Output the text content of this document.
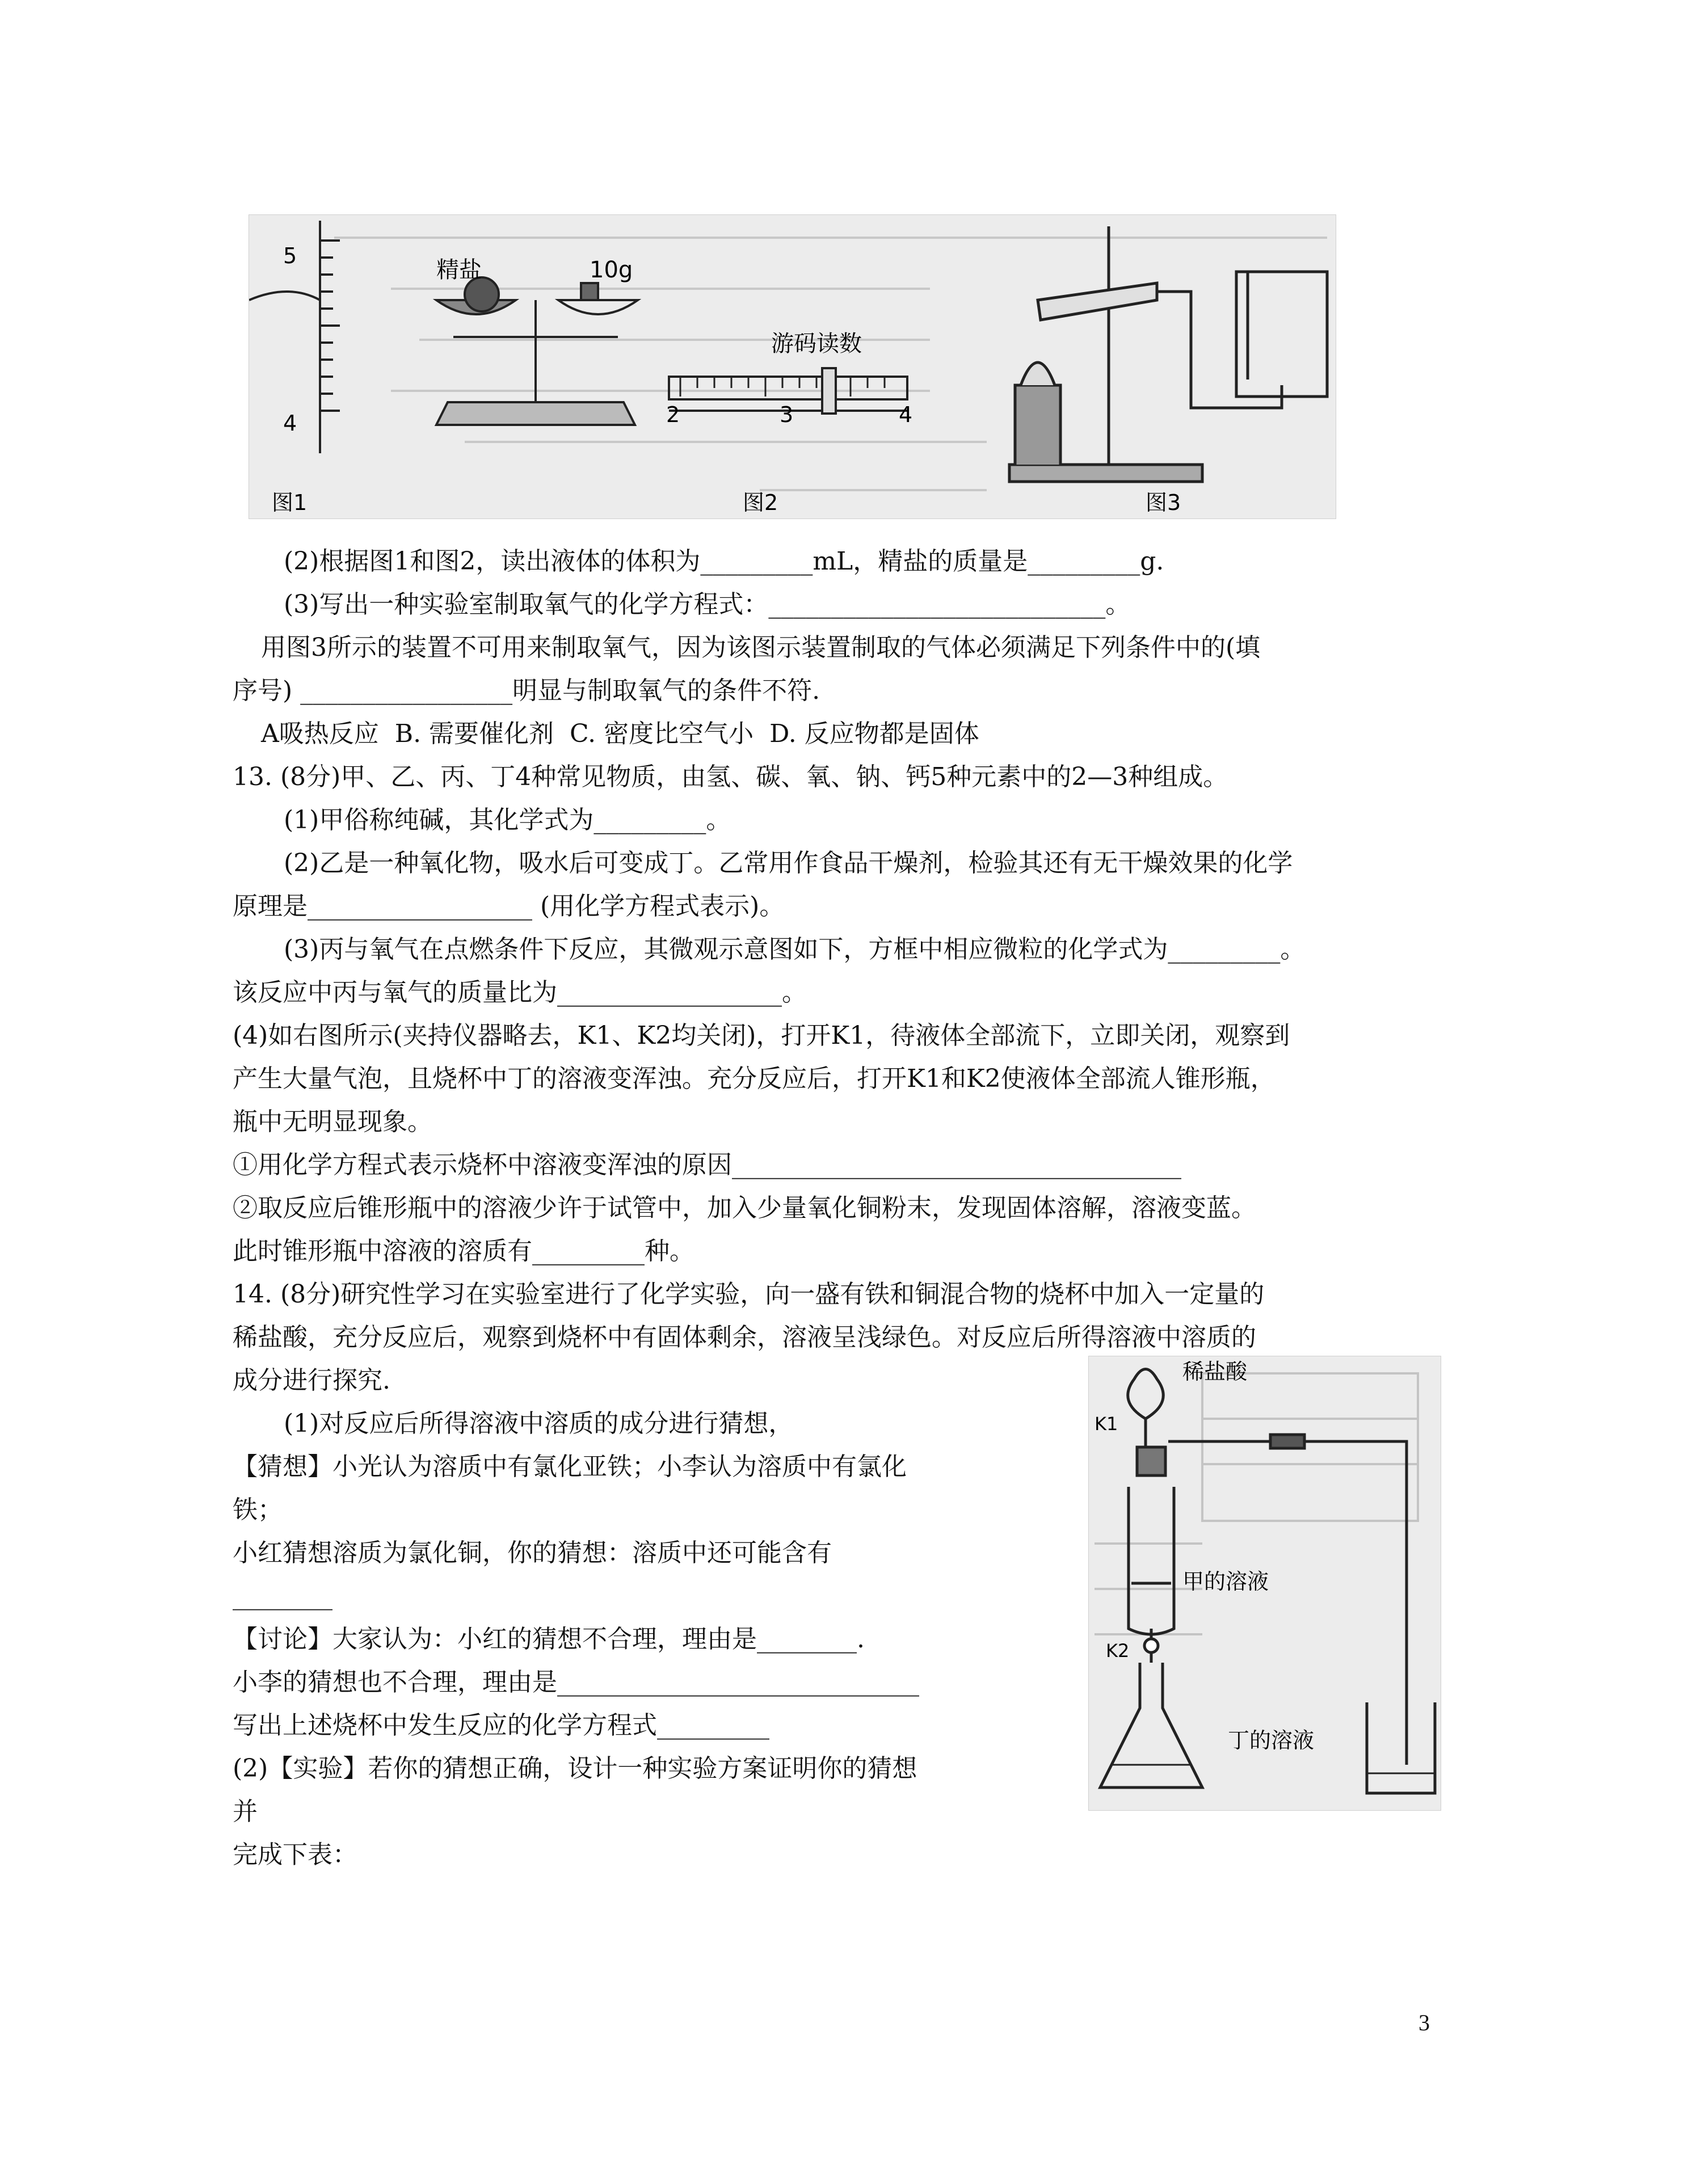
5
4
精盐	10g
游码读数
2	3	4
图1	图2	图3
(2)根据图1和图2，读出液体的体积为_________mL，精盐的质量是_________g.
(3)写出一种实验室制取氧气的化学方程式：___________________________。
用图3所示的装置不可用来制取氧气，因为该图示装置制取的气体必须满足下列条件中的(填
序号) _________________明显与制取氧气的条件不符.
A吸热反应  B. 需要催化剂  C. 密度比空气小  D. 反应物都是固体
13. (8分)甲、乙、丙、丁4种常见物质，由氢、碳、氧、钠、钙5种元素中的2—3种组成。
(1)甲俗称纯碱，其化学式为_________。
(2)乙是一种氧化物，吸水后可变成丁。乙常用作食品干燥剂，检验其还有无干燥效果的化学
原理是__________________ (用化学方程式表示)。
(3)丙与氧气在点燃条件下反应，其微观示意图如下，方框中相应微粒的化学式为_________。
该反应中丙与氧气的质量比为__________________。
(4)如右图所示(夹持仪器略去，K1、K2均关闭)，打开K1，待液体全部流下，立即关闭，观察到
产生大量气泡，且烧杯中丁的溶液变浑浊。充分反应后，打开K1和K2使液体全部流人锥形瓶，
瓶中无明显现象。
①用化学方程式表示烧杯中溶液变浑浊的原因____________________________________
②取反应后锥形瓶中的溶液少许于试管中，加入少量氧化铜粉末，发现固体溶解，溶液变蓝。
此时锥形瓶中溶液的溶质有_________种。
14. (8分)研究性学习在实验室进行了化学实验，向一盛有铁和铜混合物的烧杯中加入一定量的
稀盐酸，充分反应后，观察到烧杯中有固体剩余，溶液呈浅绿色。对反应后所得溶液中溶质的
成分进行探究.
(1)对反应后所得溶液中溶质的成分进行猜想，
【猜想】小光认为溶质中有氯化亚铁；小李认为溶质中有氯化
铁；
小红猜想溶质为氯化铜，你的猜想：溶质中还可能含有
________
【讨论】大家认为：小红的猜想不合理，理由是________.
小李的猜想也不合理，理由是_____________________________
写出上述烧杯中发生反应的化学方程式_________
(2)【实验】若你的猜想正确，设计一种实验方案证明你的猜想
并
完成下表：
稀盐酸
K1
甲的溶液
K2
丁的溶液
3
